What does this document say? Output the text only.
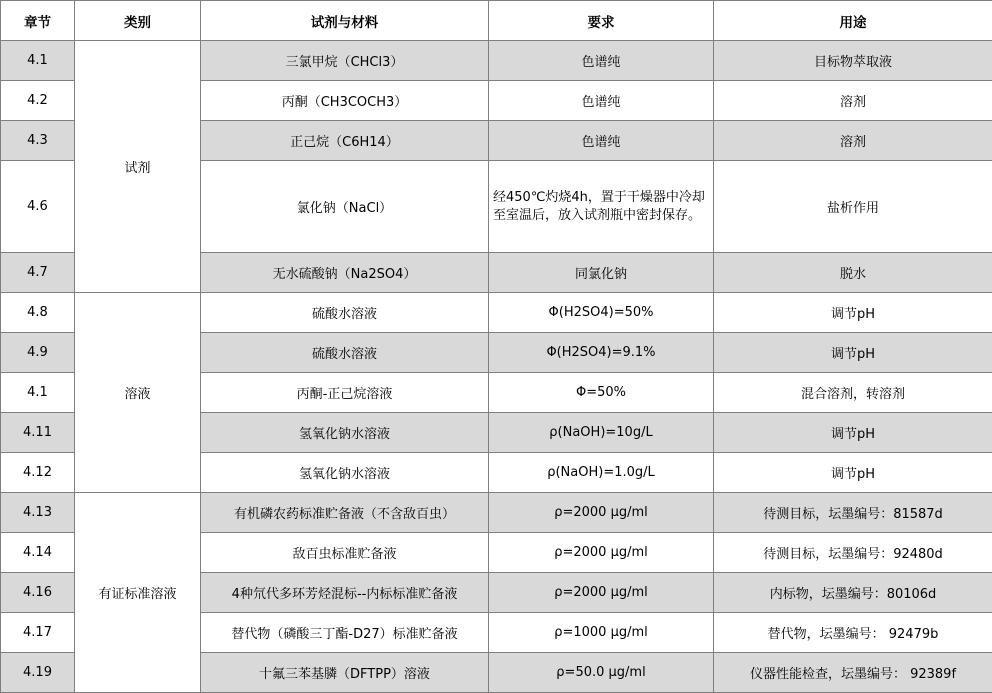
章节	类别	试剂与材料	要求	用途
4.1	试剂	三氯甲烷（CHCl3）	色谱纯	目标物萃取液
4.2		丙酮（CH3COCH3）	色谱纯	溶剂
4.3		正己烷（C6H14）	色谱纯	溶剂
4.6		氯化钠（NaCl）	经450℃灼烧4h，置于干燥器中冷却至室温后，放入试剂瓶中密封保存。	盐析作用
4.7		无水硫酸钠（Na2SO4）	同氯化钠	脱水
4.8	溶液	硫酸水溶液	Φ(H2SO4)=50%	调节pH
4.9		硫酸水溶液	Φ(H2SO4)=9.1%	调节pH
4.1		丙酮-正己烷溶液	Φ=50%	混合溶剂，转溶剂
4.11		氢氧化钠水溶液	ρ(NaOH)=10g/L	调节pH
4.12		氢氧化钠水溶液	ρ(NaOH)=1.0g/L	调节pH
4.13	有证标准溶液	有机磷农药标准贮备液（不含敌百虫）	ρ=2000 μg/ml	待测目标，坛墨编号：81587d
4.14		敌百虫标准贮备液	ρ=2000 μg/ml	待测目标，坛墨编号：92480d
4.16		4种氘代多环芳烃混标--内标标准贮备液	ρ=2000 μg/ml	内标物，坛墨编号：80106d
4.17		替代物（磷酸三丁酯-D27）标准贮备液	ρ=1000 μg/ml	替代物，坛墨编号： 92479b
4.19		十氟三苯基膦（DFTPP）溶液	ρ=50.0 μg/ml	仪器性能检查，坛墨编号： 92389f
